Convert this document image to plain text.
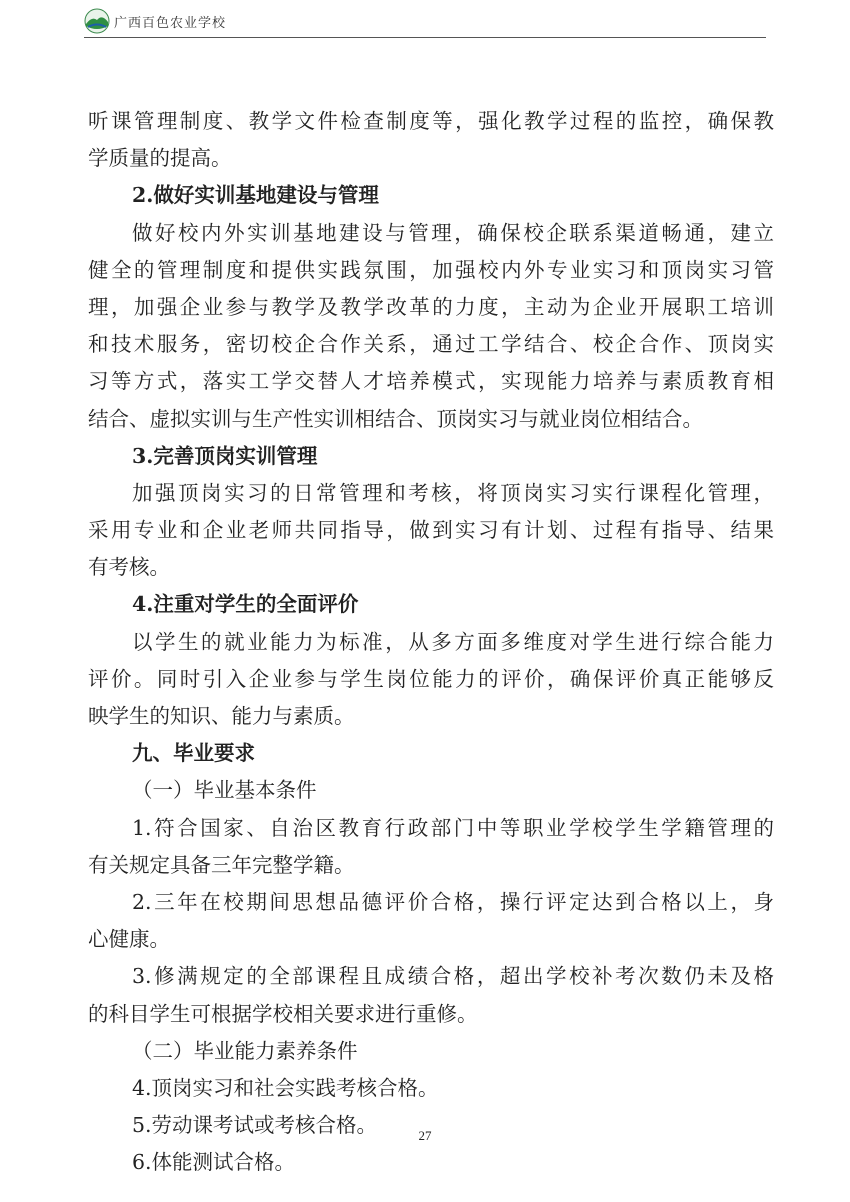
广西百色农业学校
听课管理制度、教学文件检查制度等，强化教学过程的监控，确保教
学质量的提高。
2.做好实训基地建设与管理
做好校内外实训基地建设与管理，确保校企联系渠道畅通，建立
健全的管理制度和提供实践氛围，加强校内外专业实习和顶岗实习管
理，加强企业参与教学及教学改革的力度，主动为企业开展职工培训
和技术服务，密切校企合作关系，通过工学结合、校企合作、顶岗实
习等方式，落实工学交替人才培养模式，实现能力培养与素质教育相
结合、虚拟实训与生产性实训相结合、顶岗实习与就业岗位相结合。
3.完善顶岗实训管理
加强顶岗实习的日常管理和考核，将顶岗实习实行课程化管理，
采用专业和企业老师共同指导，做到实习有计划、过程有指导、结果
有考核。
4.注重对学生的全面评价
以学生的就业能力为标准，从多方面多维度对学生进行综合能力
评价。同时引入企业参与学生岗位能力的评价，确保评价真正能够反
映学生的知识、能力与素质。
九、毕业要求
（一）毕业基本条件
1.符合国家、自治区教育行政部门中等职业学校学生学籍管理的
有关规定具备三年完整学籍。
2.三年在校期间思想品德评价合格，操行评定达到合格以上，身
心健康。
3.修满规定的全部课程且成绩合格，超出学校补考次数仍未及格
的科目学生可根据学校相关要求进行重修。
（二）毕业能力素养条件
4.顶岗实习和社会实践考核合格。
5.劳动课考试或考核合格。
6.体能测试合格。
27
